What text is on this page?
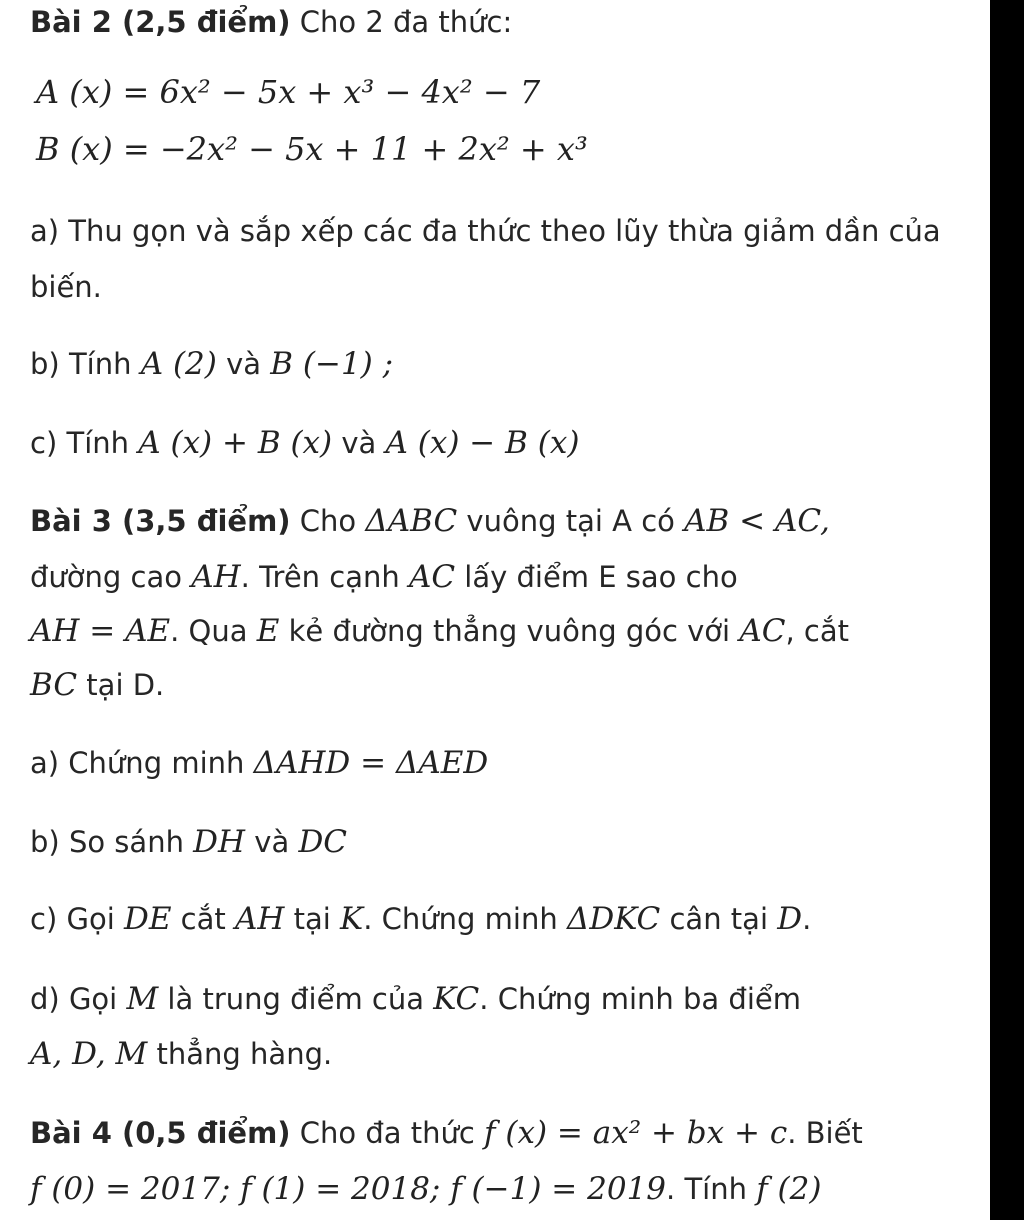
Bài 2 (2,5 điểm) Cho 2 đa thức:
A (x) = 6x² − 5x + x³ − 4x² − 7
B (x) = −2x² − 5x + 11 + 2x² + x³
a) Thu gọn và sắp xếp các đa thức theo lũy thừa giảm dần của
biến.
b) Tính A (2) và B (−1) ;
c) Tính A (x) + B (x) và A (x) − B (x)
Bài 3 (3,5 điểm) Cho ΔABC vuông tại A có AB < AC,
đường cao AH. Trên cạnh AC lấy điểm E sao cho
AH = AE. Qua E kẻ đường thẳng vuông góc với AC, cắt
BC tại D.
a) Chứng minh ΔAHD = ΔAED
b) So sánh DH và DC
c) Gọi DE cắt AH tại K. Chứng minh ΔDKC cân tại D.
d) Gọi M là trung điểm của KC. Chứng minh ba điểm
A, D, M thẳng hàng.
Bài 4 (0,5 điểm) Cho đa thức f (x) = ax² + bx + c. Biết
f (0) = 2017; f (1) = 2018; f (−1) = 2019. Tính f (2)
